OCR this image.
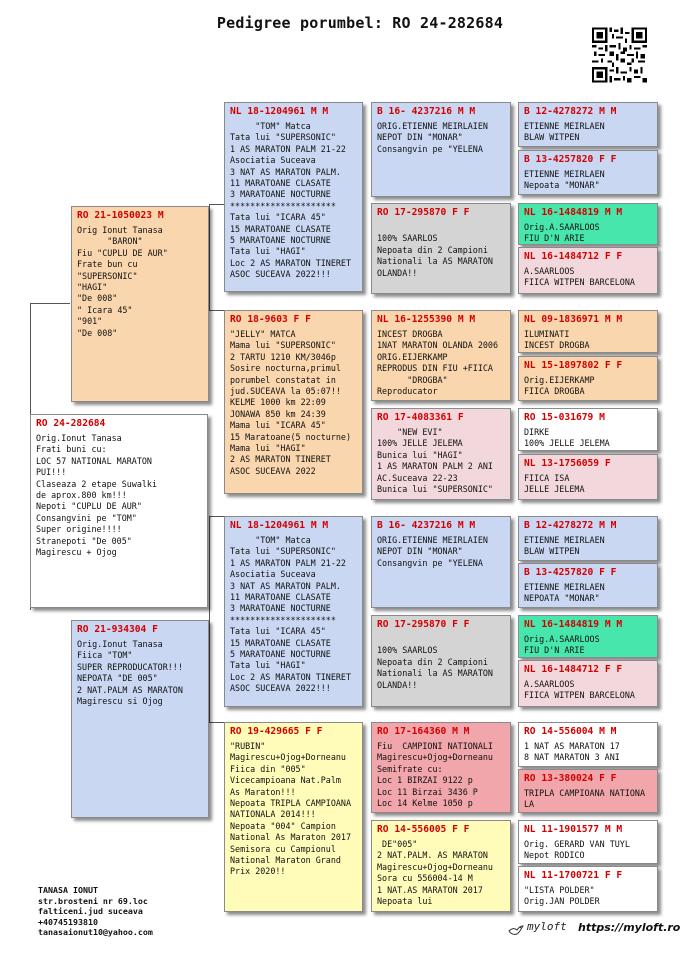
Pedigree porumbel: RO 24-282684
RO 24-282684
Orig.Ionut Tanasa
Frati buni cu:
LOC 57 NATIONAL MARATON
PUI!!!
Claseaza 2 etape Suwalki
de aprox.800 km!!!
Nepoti "CUPLU DE AUR"
Consangvini pe "TOM"
Super origine!!!!
Stranepoti "De 005"
Magirescu + Ojog
RO 21-1050023 M
Orig Ionut Tanasa
"BARON"
Fiu "CUPLU DE AUR"
Frate bun cu
"SUPERSONIC"
"HAGI"
"De 008"
" Icara 45"
"901"
"De 008"
RO 21-934304 F
Orig.Ionut Tanasa
Fiica "TOM"
SUPER REPRODUCATOR!!!
NEPOATA "DE 005"
2 NAT.PALM AS MARATON
Magirescu si Ojog
NL 18-1204961 M M
"TOM" Matca
Tata lui "SUPERSONIC"
1 AS MARATON PALM 21-22
Asociatia Suceava
3 NAT AS MARATON PALM.
11 MARATOANE CLASATE
3 MARATOANE NOCTURNE
*********************
Tata lui "ICARA 45"
15 MARATOANE CLASATE
5 MARATOANE NOCTURNE
Tata lui "HAGI"
Loc 2 AS MARATON TINERET
ASOC SUCEAVA 2022!!!
RO 18-9603 F F
"JELLY" MATCA
Mama lui "SUPERSONIC"
2 TARTU 1210 KM/3046p
Sosire nocturna,primul
porumbel constatat in
jud.SUCEAVA la 05:07!!
KELME 1000 km 22:09
JONAWA 850 km 24:39
Mama lui "ICARA 45"
15 Maratoane(5 nocturne)
Mama lui "HAGI"
2 AS MARATON TINERET
ASOC SUCEAVA 2022
NL 18-1204961 M M
"TOM" Matca
Tata lui "SUPERSONIC"
1 AS MARATON PALM 21-22
Asociatia Suceava
3 NAT AS MARATON PALM.
11 MARATOANE CLASATE
3 MARATOANE NOCTURNE
*********************
Tata lui "ICARA 45"
15 MARATOANE CLASATE
5 MARATOANE NOCTURNE
Tata lui "HAGI"
Loc 2 AS MARATON TINERET
ASOC SUCEAVA 2022!!!
RO 19-429665 F F
"RUBIN"
Magirescu+Ojog+Dorneanu
Fiica din "005"
Vicecampioana Nat.Palm
As Maraton!!!
Nepoata TRIPLA CAMPIOANA
NATIONALA 2014!!!
Nepoata "004" Campion
National As Maraton 2017
Semisora cu Campionul
National Maraton Grand
Prix 2020!!
B 16- 4237216 M M
ORIG.ETIENNE MEIRLAIEN
NEPOT DIN "MONAR"
Consangvin pe "YELENA
RO 17-295870 F F

100% SAARLOS
Nepoata din 2 Campioni
Nationali la AS MARATON
OLANDA!!
NL 16-1255390 M M
INCEST DROGBA
1NAT MARATON OLANDA 2006
ORIG.EIJERKAMP
REPRODUS DIN FIU +FIICA
"DROGBA"
Reproducator
RO 17-4083361 F
"NEW EVI"
100% JELLE JELEMA
Bunica lui "HAGI"
1 AS MARATON PALM 2 ANI
AC.Suceava 22-23
Bunica lui "SUPERSONIC"
B 16- 4237216 M M
ORIG.ETIENNE MEIRLAIEN
NEPOT DIN "MONAR"
Consangvin pe "YELENA
RO 17-295870 F F

100% SAARLOS
Nepoata din 2 Campioni
Nationali la AS MARATON
OLANDA!!
RO 17-164360 M M
Fiu  CAMPIONI NATIONALI
Magirescu+Ojog+Dorneanu
Semifrate cu:
Loc 1 BIRZAI 9122 p
Loc 11 Birzai 3436 P
Loc 14 Kelme 1050 p
RO 14-556005 F F
DE"005"
2 NAT.PALM. AS MARATON
Magirescu+Ojog+Dorneanu
Sora cu 556004-14 M
1 NAT.AS MARATON 2017
Nepoata lui
B 12-4278272 M M
ETIENNE MEIRLAEN
BLAW WITPEN
B 13-4257820 F F
ETIENNE MEIRLAEN
Nepoata "MONAR"
NL 16-1484819 M M
Orig.A.SAARLOOS
FIU D'N ARIE
NL 16-1484712 F F
A.SAARLOOS
FIICA WITPEN BARCELONA
NL 09-1836971 M M
ILUMINATI
INCEST DROGBA
NL 15-1897802 F F
Orig.EIJERKAMP
FIICA DROGBA
RO 15-031679 M
DIRKE
100% JELLE JELEMA
NL 13-1756059 F
FIICA ISA
JELLE JELEMA
B 12-4278272 M M
ETIENNE MEIRLAEN
BLAW WITPEN
B 13-4257820 F F
ETIENNE MEIRLAEN
NEPOATA "MONAR"
NL 16-1484819 M M
Orig.A.SAARLOOS
FIU D'N ARIE
NL 16-1484712 F F
A.SAARLOOS
FIICA WITPEN BARCELONA
RO 14-556004 M M
1 NAT AS MARATON 17
8 NAT MARATON 3 ANI
RO 13-380024 F F
TRIPLA CAMPIOANA NATIONA
LA
NL 11-1901577 M M
Orig. GERARD VAN TUYL
Nepot RODICO
NL 11-1700721 F F
"LISTA POLDER"
Orig.JAN POLDER
TANASA IONUT
str.brosteni nr 69.loc
falticeni.jud suceava
+40745193810
tanasaionut10@yahoo.com	myloft https://myloft.ro
